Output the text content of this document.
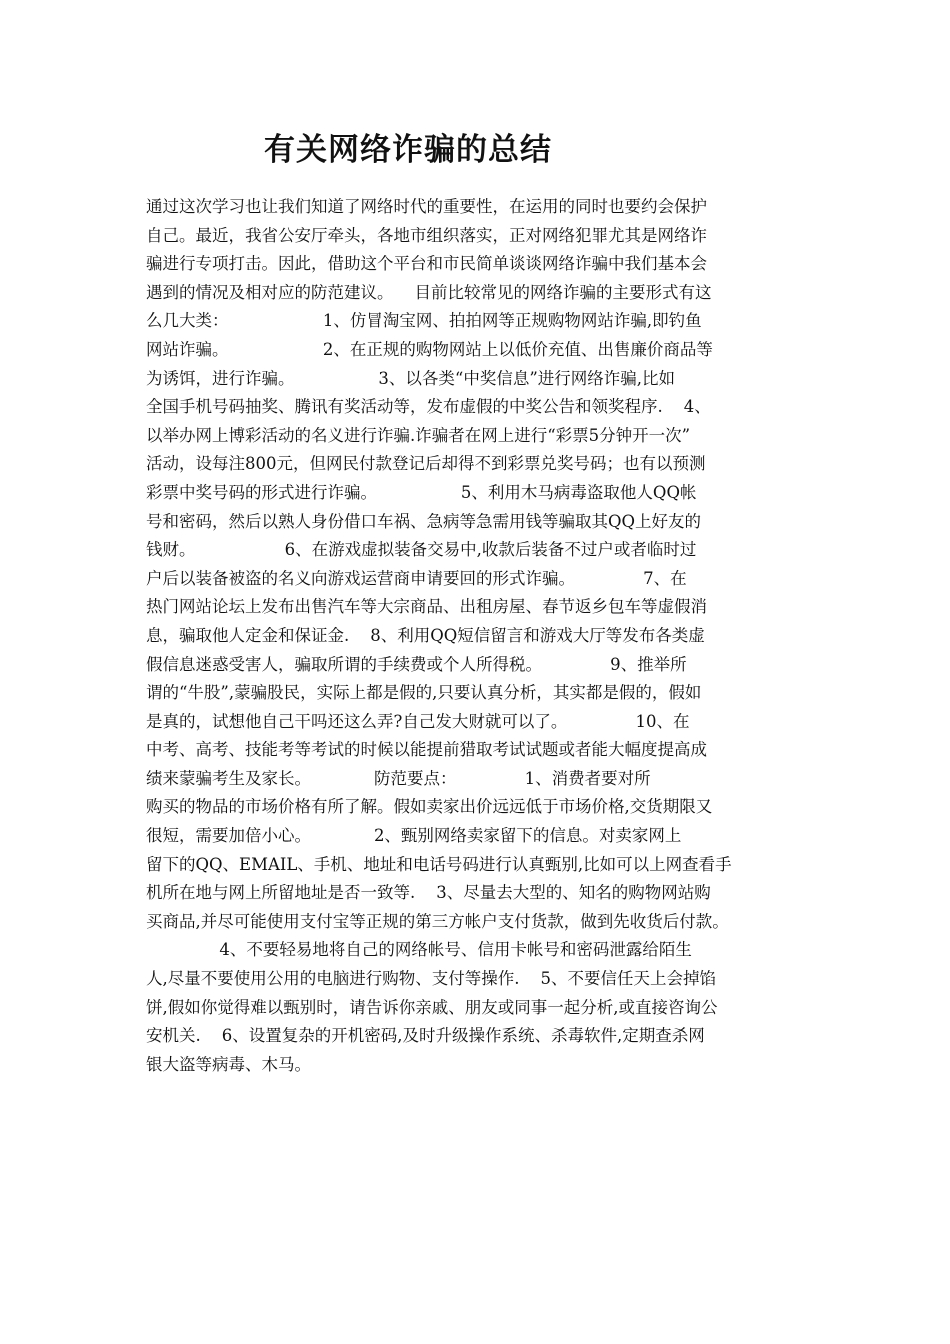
有关网络诈骗的总结
通过这次学习也让我们知道了网络时代的重要性，在运用的同时也要约会保护
自己。最近，我省公安厅牵头，各地市组织落实，正对网络犯罪尤其是网络诈
骗进行专项打击。因此，借助这个平台和市民简单谈谈网络诈骗中我们基本会
遇到的情况及相对应的防范建议。    目前比较常见的网络诈骗的主要形式有这
么几大类：                  1、仿冒淘宝网、拍拍网等正规购物网站诈骗,即钓鱼
网站诈骗。                  2、在正规的购物网站上以低价充值、出售廉价商品等
为诱饵，进行诈骗。                3、以各类“中奖信息”进行网络诈骗,比如
全国手机号码抽奖、腾讯有奖活动等，发布虚假的中奖公告和领奖程序.    4、
以举办网上博彩活动的名义进行诈骗.诈骗者在网上进行“彩票5分钟开一次”
活动，设每注800元，但网民付款登记后却得不到彩票兑奖号码；也有以预测
彩票中奖号码的形式进行诈骗。                5、利用木马病毒盗取他人QQ帐
号和密码，然后以熟人身份借口车祸、急病等急需用钱等骗取其QQ上好友的
钱财。                 6、在游戏虚拟装备交易中,收款后装备不过户或者临时过
户后以装备被盗的名义向游戏运营商申请要回的形式诈骗。             7、在
热门网站论坛上发布出售汽车等大宗商品、出租房屋、春节返乡包车等虚假消
息，骗取他人定金和保证金.    8、利用QQ短信留言和游戏大厅等发布各类虚
假信息迷惑受害人，骗取所谓的手续费或个人所得税。             9、推举所
谓的“牛股”,蒙骗股民，实际上都是假的,只要认真分析，其实都是假的，假如
是真的，试想他自己干吗还这么弄?自己发大财就可以了。             10、在
中考、高考、技能考等考试的时候以能提前猎取考试试题或者能大幅度提高成
绩来蒙骗考生及家长。            防范要点：             1、消费者要对所
购买的物品的市场价格有所了解。假如卖家出价远远低于市场价格,交货期限又
很短，需要加倍小心。            2、甄别网络卖家留下的信息。对卖家网上
留下的QQ、EMAIL、手机、地址和电话号码进行认真甄别,比如可以上网查看手
机所在地与网上所留地址是否一致等.    3、尽量去大型的、知名的购物网站购
买商品,并尽可能使用支付宝等正规的第三方帐户支付货款，做到先收货后付款。
4、不要轻易地将自己的网络帐号、信用卡帐号和密码泄露给陌生
人,尽量不要使用公用的电脑进行购物、支付等操作.    5、不要信任天上会掉馅
饼,假如你觉得难以甄别时，请告诉你亲戚、朋友或同事一起分析,或直接咨询公
安机关.    6、设置复杂的开机密码,及时升级操作系统、杀毒软件,定期查杀网
银大盗等病毒、木马。
